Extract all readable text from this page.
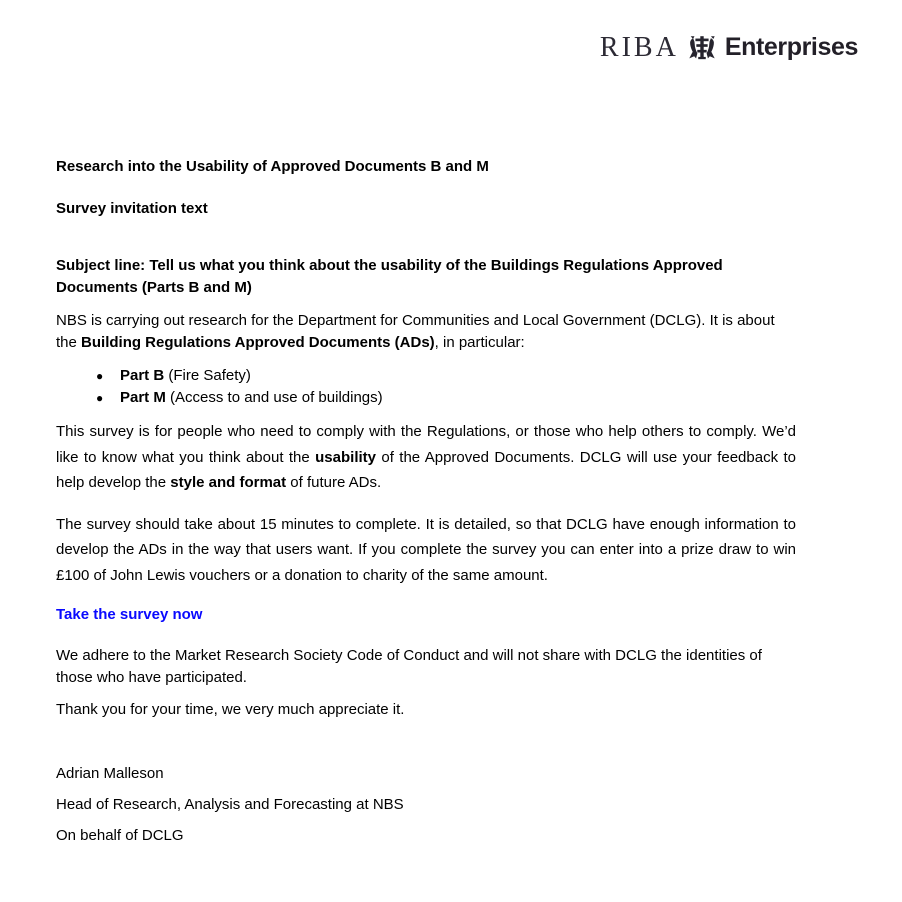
RIBA Enterprises

Research into the Usability of Approved Documents B and M

Survey invitation text

Subject line: Tell us what you think about the usability of the Buildings Regulations Approved Documents (Parts B and M)

NBS is carrying out research for the Department for Communities and Local Government (DCLG). It is about the Building Regulations Approved Documents (ADs), in particular:

● Part B (Fire Safety)
● Part M (Access to and use of buildings)

This survey is for people who need to comply with the Regulations, or those who help others to comply. We’d like to know what you think about the usability of the Approved Documents. DCLG will use your feedback to help develop the style and format of future ADs.

The survey should take about 15 minutes to complete. It is detailed, so that DCLG have enough information to develop the ADs in the way that users want. If you complete the survey you can enter into a prize draw to win £100 of John Lewis vouchers or a donation to charity of the same amount.

Take the survey now

We adhere to the Market Research Society Code of Conduct and will not share with DCLG the identities of those who have participated.

Thank you for your time, we very much appreciate it.

Adrian Malleson

Head of Research, Analysis and Forecasting at NBS

On behalf of DCLG
